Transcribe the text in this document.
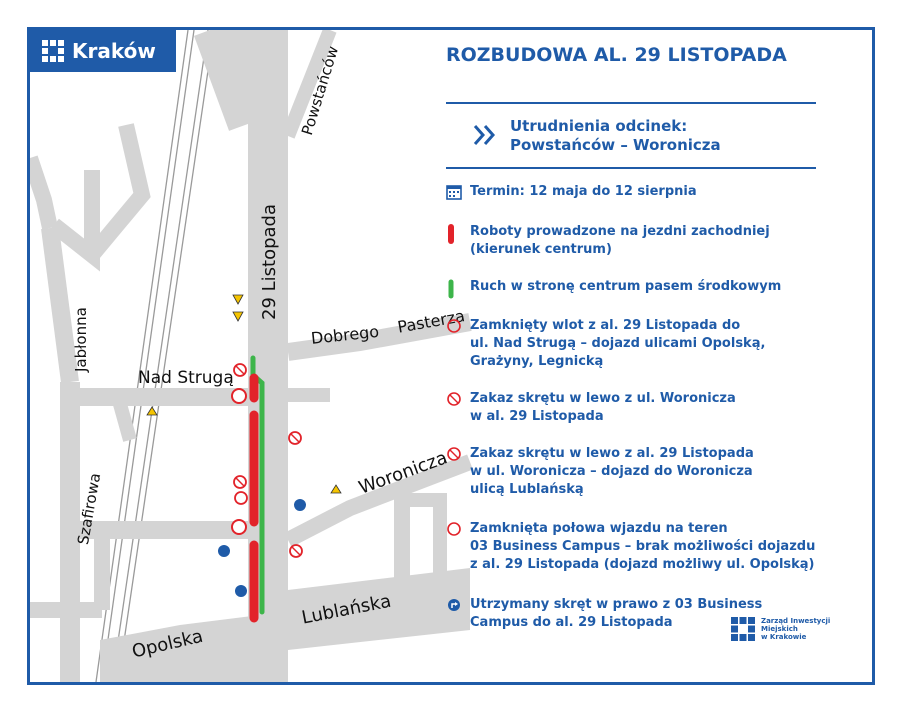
Kraków
29 Listopada
Powstańców
Dobrego Pasterza
Nad Strugą
Woronicza
Jabłonna
Szafirowa
Lublańska
Opolska
ROZBUDOWA AL. 29 LISTOPADA
Utrudnienia odcinek:
Powstańców – Woronicza
Termin: 12 maja do 12 sierpnia
Roboty prowadzone na jezdni zachodniej
(kierunek centrum)
Ruch w stronę centrum pasem środkowym
Zamknięty wlot z al. 29 Listopada do
ul. Nad Strugą – dojazd ulicami Opolską,
Grażyny, Legnicką
Zakaz skrętu w lewo z ul. Woronicza
w al. 29 Listopada
Zakaz skrętu w lewo z al. 29 Listopada
w ul. Woronicza – dojazd do Woronicza
ulicą Lublańską
Zamknięta połowa wjazdu na teren
03 Business Campus – brak możliwości dojazdu
z al. 29 Listopada (dojazd możliwy ul. Opolską)
Utrzymany skręt w prawo z 03 Business
Campus do al. 29 Listopada	Zarząd Inwestycji
Miejskich
w Krakowie
